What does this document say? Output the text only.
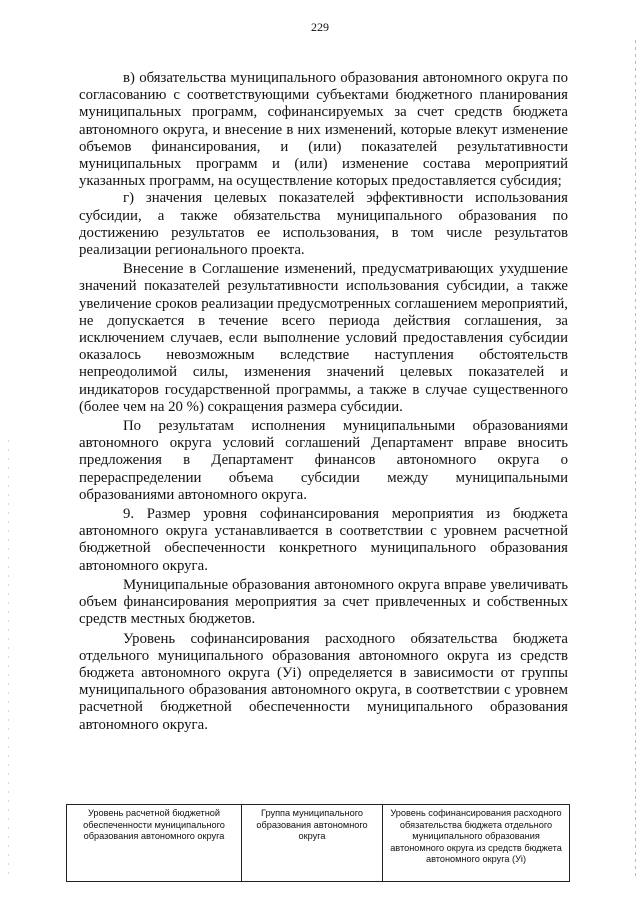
229

в) обязательства муниципального образования автономного округа по согласованию с соответствующими субъектами бюджетного планирования муниципальных программ, софинансируемых за счет средств бюджета автономного округа, и внесение в них изменений, которые влекут изменение объемов финансирования, и (или) показателей результативности муниципальных программ и (или) изменение состава мероприятий указанных программ, на осуществление которых предоставляется субсидия;

г) значения целевых показателей эффективности использования субсидии, а также обязательства муниципального образования по достижению результатов ее использования, в том числе результатов реализации регионального проекта.

Внесение в Соглашение изменений, предусматривающих ухудшение значений показателей результативности использования субсидии, а также увеличение сроков реализации предусмотренных соглашением мероприятий, не допускается в течение всего периода действия соглашения, за исключением случаев, если выполнение условий предоставления субсидии оказалось невозможным вследствие наступления обстоятельств непреодолимой силы, изменения значений целевых показателей и индикаторов государственной программы, а также в случае существенного (более чем на 20 %) сокращения размера субсидии.

По результатам исполнения муниципальными образованиями автономного округа условий соглашений Департамент вправе вносить предложения в Департамент финансов автономного округа о перераспределении объема субсидии между муниципальными образованиями автономного округа.

9. Размер уровня софинансирования мероприятия из бюджета автономного округа устанавливается в соответствии с уровнем расчетной бюджетной обеспеченности конкретного муниципального образования автономного округа.

Муниципальные образования автономного округа вправе увеличивать объем финансирования мероприятия за счет привлеченных и собственных средств местных бюджетов.

Уровень софинансирования расходного обязательства бюджета отдельного муниципального образования автономного округа из средств бюджета автономного округа (Уi) определяется в зависимости от группы муниципального образования автономного округа, в соответствии с уровнем расчетной бюджетной обеспеченности муниципального образования автономного округа.

Уровень расчетной бюджетной обеспеченности муниципального образования автономного округа	Группа муниципального образования автономного округа	Уровень софинансирования расходного обязательства бюджета отдельного муниципального образования автономного округа из средств бюджета автономного округа (Уi)
